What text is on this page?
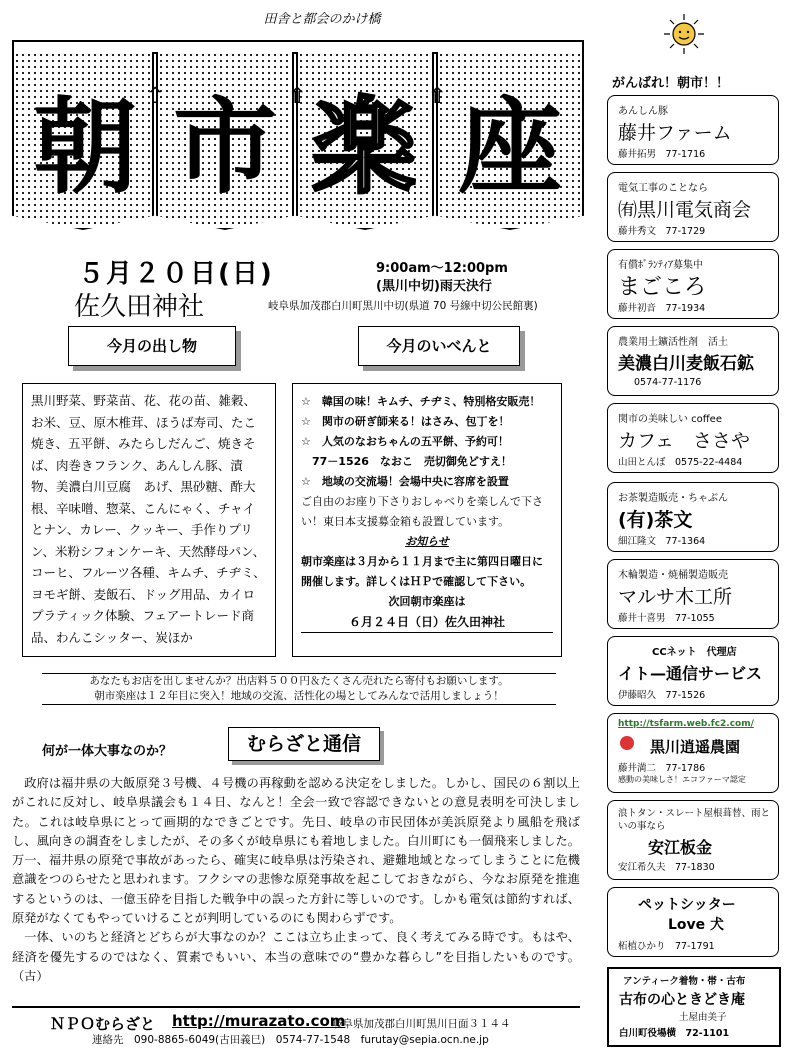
田舎と都会のかけ橋
⇧	⇧	⇧
朝 市 楽 座
５月２０日(日)
佐久田神社
9:00am～12:00pm
(黒川中切)雨天決行
岐阜県加茂郡白川町黒川中切(県道 70 号線中切公民館裏)
今月の出し物	今月のいべんと
黒川野菜、野菜苗、花、花の苗、雑穀、お米、豆、原木椎茸、ほうば寿司、たこ焼き、五平餅、みたらしだんご、焼きそば、肉巻きフランク、あんしん豚、漬物、美濃白川豆腐　あげ、黒砂糖、酢大根、辛味噌、惣菜、こんにゃく、チャイとナン、カレー、クッキー、手作りプリン、米粉シフォンケーキ、天然酵母パン、コーヒ、フルーツ各種、キムチ、チヂミ、ヨモギ餅、麦飯石、ドッグ用品、カイロプラティック体験、フェアートレード商品、わんこシッター、炭ほか

☆　韓国の味！キムチ、チヂミ、特別格安販売！

☆　関市の研ぎ師来る！はさみ、包丁を！

☆　人気のなおちゃんの五平餅、予約可！

　77－1526　なおこ　売切御免どすえ！

☆　地域の交流場！会場中央に容席を設置

ご自由のお座り下さりおしゃべりを楽しんで下さい！東日本支援募金箱も設置しています。

お知らせ

朝市楽座は３月から１１月まで主に第四日曜日に開催します。詳しくはＨＰで確認して下さい。

次回朝市楽座は

６月２４日（日）佐久田神社

あなたもお店を出しませんか？出店料５００円＆たくさん売れたら寄付もお願いします。
朝市楽座は１２年目に突入！地域の交流、活性化の場としてみんなで活用しましょう！
何が一体大事なのか？	むらざと通信

政府は福井県の大飯原発３号機、４号機の再稼動を認める決定をしました。しかし、国民の６割以上がこれに反対し、岐阜県議会も１４日、なんと！全会一致で容認できないとの意見表明を可決しました。これは岐阜県にとって画期的なできごとです。先日、岐阜の市民団体が美浜原発より風船を飛ばし、風向きの調査をしましたが、その多くが岐阜県にも着地しました。白川町にも一個飛来しました。万一、福井県の原発で事故があったら、確実に岐阜県は汚染され、避難地域となってしまうことに危機意識をつのらせたと思われます。フクシマの悲惨な原発事故を起こしておきながら、今なお原発を推進するというのは、一億玉砕を目指した戦争中の誤った方針に等しいのです。しかも電気は節約すれば、原発がなくてもやっていけることが判明しているのにも関わらずです。

一体、いのちと経済とどちらが大事なのか？ここは立ち止まって、良く考えてみる時です。もはや、経済を優先するのではなく、質素でもいい、本当の意味での“豊かな暮らし”を目指したいものです。（古）

ＮＰＯむらざと http://murazato.com
岐阜県加茂郡白川町黒川日面３１４４
連絡先　090-8865-6049(古田義巳)　0574-77-1548　furutay@sepia.ocn.ne.jp
がんばれ！朝市！！
あんしん豚
藤井ファーム
藤井拓男　77-1716
電気工事のことなら
㈲黒川電気商会
藤井秀文　77-1729
有償ﾎﾞﾗﾝﾃｨｱ募集中
まごころ
藤井初音　77-1934
農業用土鑛活性剤　活土
美濃白川麦飯石鉱
0574-77-1176
関市の美味しい coffee
カフェ　ささや
山田とんぼ　0575-22-4484
お茶製造販売・ちゃぶん
(有)茶文
細江隆文　77-1364
木輪製造・焼桶製造販売
マルサ木工所
藤井十喜男　77-1055
CCネット　代理店
イト—通信サービス
伊藤昭久　77-1526
http://tsfarm.web.fc2.com/
黒川逍遥農園
藤井満二　77-1786
感動の美味しさ！エコファーマ認定
浪トタン・スレート屋根葺替、雨といの事なら
安江板金
安江希久夫　77-1830
ペットシッター
Love 犬
柘植ひかり　77-1791
アンティーク着物・帯・古布
古布の心ときどき庵
土屋由美子
白川町役場横　72-1101
